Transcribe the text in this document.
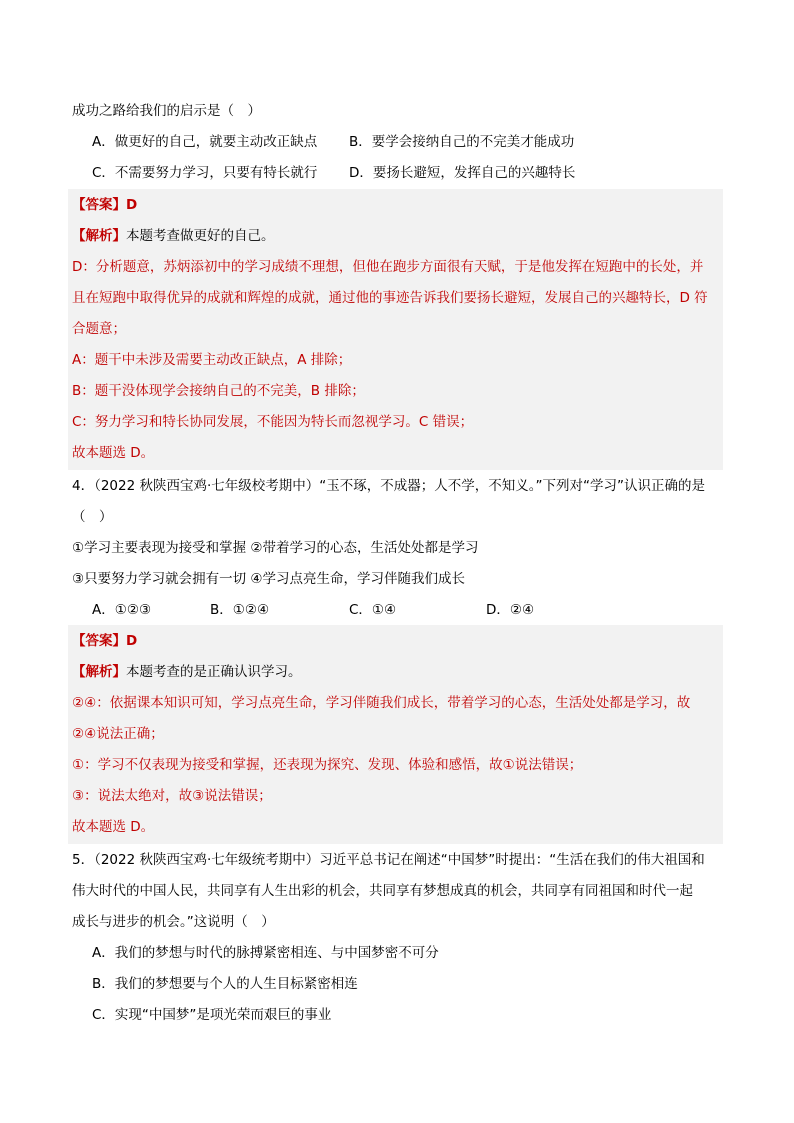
成功之路给我们的启示是（　）
A．做更好的自己，就要主动改正缺点 B．要学会接纳自己的不完美才能成功
C．不需要努力学习，只要有特长就行 D．要扬长避短，发挥自己的兴趣特长
【答案】D
【解析】本题考查做更好的自己。
D：分析题意，苏炳添初中的学习成绩不理想，但他在跑步方面很有天赋，于是他发挥在短跑中的长处，并
且在短跑中取得优异的成就和辉煌的成就，通过他的事迹告诉我们要扬长避短，发展自己的兴趣特长，D 符
合题意；
A：题干中未涉及需要主动改正缺点，A 排除；
B：题干没体现学会接纳自己的不完美，B 排除；
C：努力学习和特长协同发展，不能因为特长而忽视学习。C 错误；
故本题选 D。
4．（2022 秋陕西宝鸡·七年级校考期中）“玉不琢，不成器；人不学，不知义。”下列对“学习”认识正确的是
（　）
①学习主要表现为接受和掌握 ②带着学习的心态，生活处处都是学习
③只要努力学习就会拥有一切 ④学习点亮生命，学习伴随我们成长
A．①②③	B．①②④	C．①④	D．②④
【答案】D
【解析】本题考查的是正确认识学习。
②④：依据课本知识可知，学习点亮生命，学习伴随我们成长，带着学习的心态，生活处处都是学习，故
②④说法正确；
①：学习不仅表现为接受和掌握，还表现为探究、发现、体验和感悟，故①说法错误；
③：说法太绝对，故③说法错误；
故本题选 D。
5．（2022 秋陕西宝鸡·七年级统考期中）习近平总书记在阐述“中国梦”时提出：“生活在我们的伟大祖国和
伟大时代的中国人民，共同享有人生出彩的机会，共同享有梦想成真的机会，共同享有同祖国和时代一起
成长与进步的机会。”这说明（　）
A．我们的梦想与时代的脉搏紧密相连、与中国梦密不可分
B．我们的梦想要与个人的人生目标紧密相连
C．实现“中国梦”是项光荣而艰巨的事业
